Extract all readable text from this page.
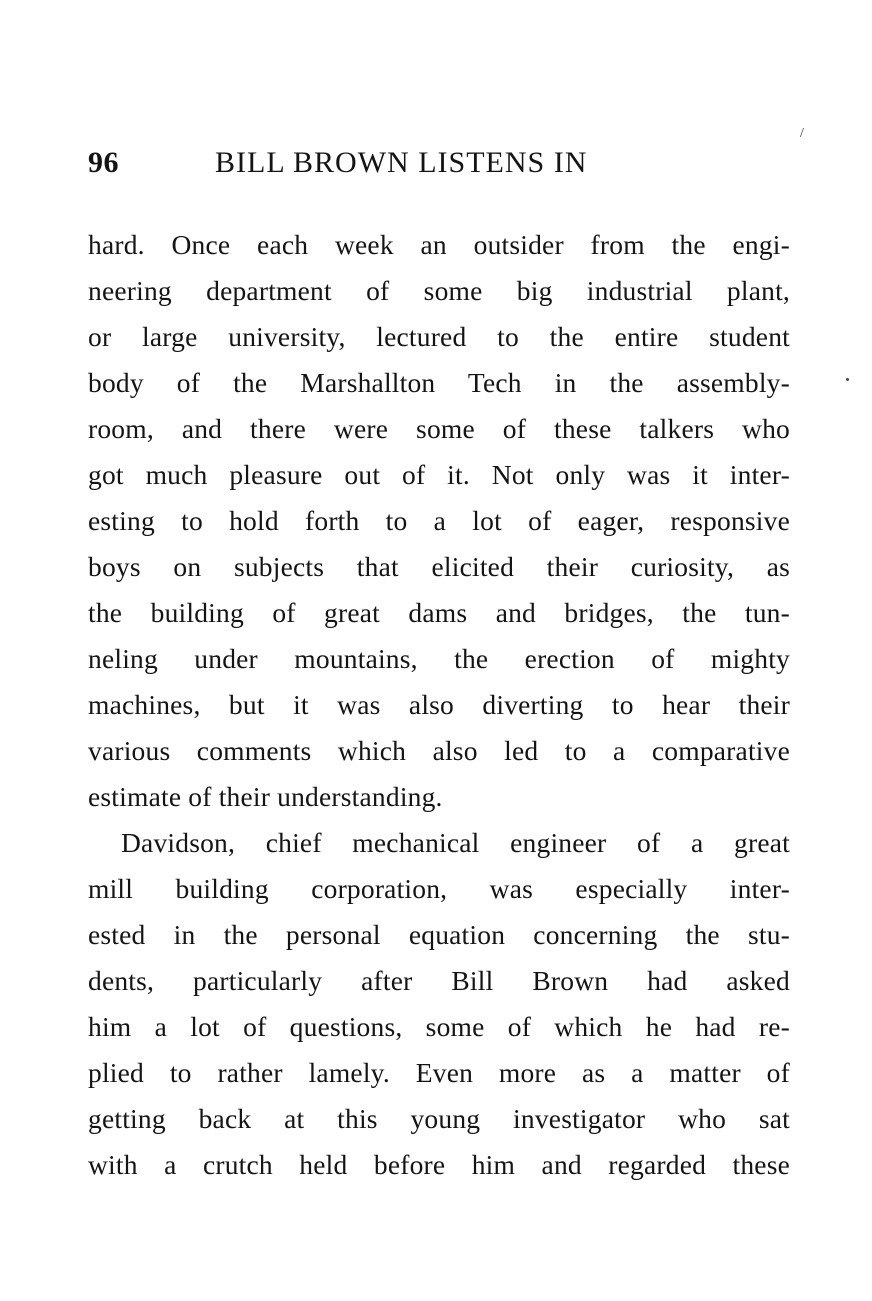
/
96	BILL BROWN LISTENS IN
hard. Once each week an outsider from the engi-
neering department of some big industrial plant,
or large university, lectured to the entire student
body of the Marshallton Tech in the assembly-
room, and there were some of these talkers who
got much pleasure out of it. Not only was it inter-
esting to hold forth to a lot of eager, responsive
boys on subjects that elicited their curiosity, as
the building of great dams and bridges, the tun-
neling under mountains, the erection of mighty
machines, but it was also diverting to hear their
various comments which also led to a comparative
estimate of their understanding.
Davidson, chief mechanical engineer of a great
mill building corporation, was especially inter-
ested in the personal equation concerning the stu-
dents, particularly after Bill Brown had asked
him a lot of questions, some of which he had re-
plied to rather lamely. Even more as a matter of
getting back at this young investigator who sat
with a crutch held before him and regarded these
